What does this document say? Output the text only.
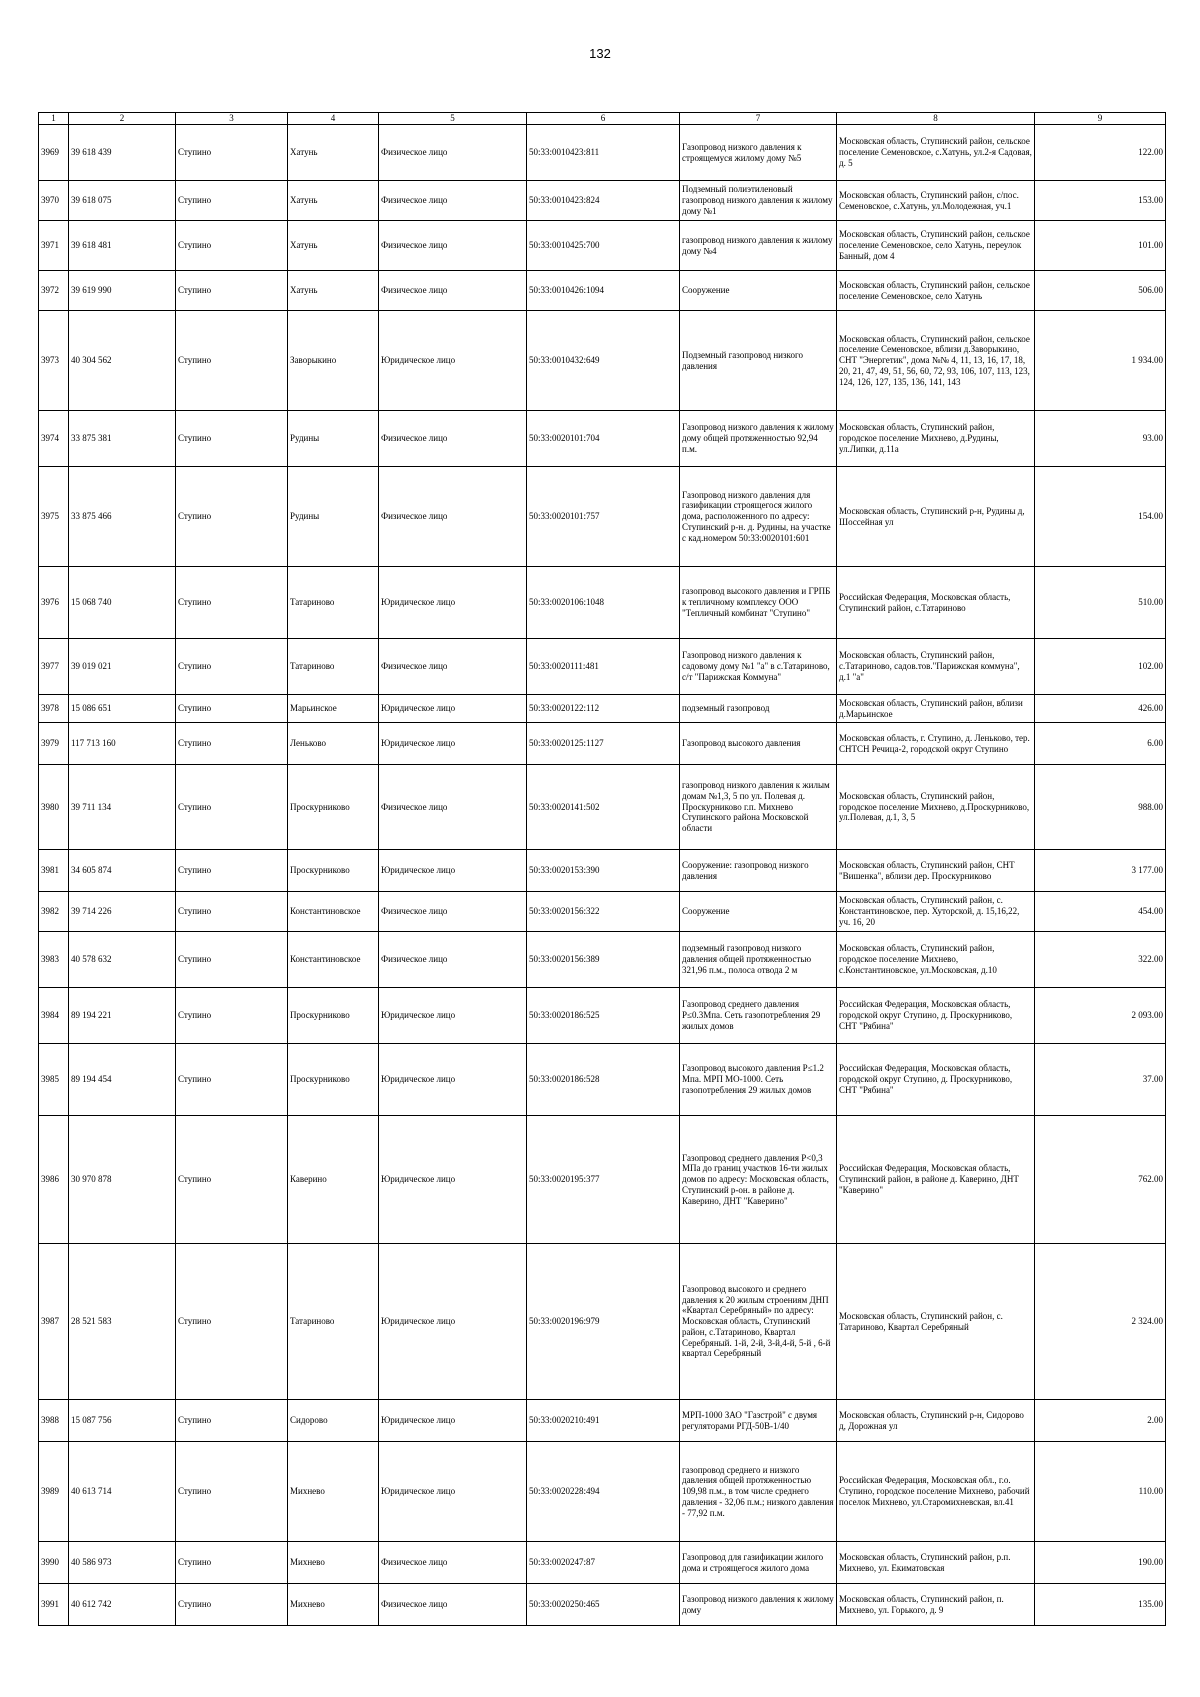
132
1	2	3	4	5	6	7	8	9
3969	39 618 439	Ступино	Хатунь	Физическое лицо	50:33:0010423:811	Газопровод низкого давления к строящемуся жилому дому №5	Московская область, Ступинский район, сельское поселение Семеновское, с.Хатунь, ул.2-я Садовая, д. 5	122.00
3970	39 618 075	Ступино	Хатунь	Физическое лицо	50:33:0010423:824	Подземный полиэтиленовый газопровод низкого давления к жилому дому №1	Московская область, Ступинский район, с/пос. Семеновское, с.Хатунь, ул.Молодежная, уч.1	153.00
3971	39 618 481	Ступино	Хатунь	Физическое лицо	50:33:0010425:700	газопровод низкого давления к жилому дому №4	Московская область, Ступинский район, сельское поселение Семеновское, село Хатунь, переулок Банный, дом 4	101.00
3972	39 619 990	Ступино	Хатунь	Физическое лицо	50:33:0010426:1094	Сооружение	Московская область, Ступинский район, сельское поселение Семеновское, село Хатунь	506.00
3973	40 304 562	Ступино	Заворыкино	Юридическое лицо	50:33:0010432:649	Подземный газопровод низкого давления	Московская область, Ступинский район, сельское поселение Семеновское, вблизи д.Заворыкино, СНТ "Энергетик", дома №№ 4, 11, 13, 16, 17, 18, 20, 21, 47, 49, 51, 56, 60, 72, 93, 106, 107, 113, 123, 124, 126, 127, 135, 136, 141, 143	1 934.00
3974	33 875 381	Ступино	Рудины	Физическое лицо	50:33:0020101:704	Газопровод низкого давления к жилому дому общей протяженностью 92,94 п.м.	Московская область, Ступинский район, городское поселение Михнево, д.Рудины, ул.Липки, д.11а	93.00
3975	33 875 466	Ступино	Рудины	Физическое лицо	50:33:0020101:757	Газопровод низкого давления для газификации строящегося жилого дома, расположенного по адресу: Ступинский р-н. д. Рудины, на участке с кад.номером 50:33:0020101:601	Московская область, Ступинский р-н, Рудины д, Шоссейная ул	154.00
3976	15 068 740	Ступино	Татариново	Юридическое лицо	50:33:0020106:1048	газопровод высокого давления и ГРПБ к тепличному комплексу ООО "Тепличный комбинат "Ступино"	Российская Федерация, Московская область, Ступинский район, с.Татариново	510.00
3977	39 019 021	Ступино	Татариново	Физическое лицо	50:33:0020111:481	Газопровод низкого давления к садовому дому №1 "а" в с.Татариново, с/т "Парижская Коммуна"	Московская область, Ступинский район, с.Татариново, садов.тов."Парижская коммуна", д.1 "а"	102.00
3978	15 086 651	Ступино	Марьинское	Юридическое лицо	50:33:0020122:112	подземный газопровод	Московская область, Ступинский район, вблизи д.Марьинское	426.00
3979	117 713 160	Ступино	Леньково	Юридическое лицо	50:33:0020125:1127	Газопровод высокого давления	Московская область, г. Ступино, д. Леньково, тер. СНТСН Речица-2, городской округ Ступино	6.00
3980	39 711 134	Ступино	Проскурниково	Физическое лицо	50:33:0020141:502	газопровод низкого давления к жилым домам №1,3, 5 по ул. Полевая д. Проскурниково г.п. Михнево Ступинского района Московской области	Московская область, Ступинский район, городское поселение Михнево, д.Проскурниково, ул.Полевая, д.1, 3, 5	988.00
3981	34 605 874	Ступино	Проскурниково	Юридическое лицо	50:33:0020153:390	Сооружение: газопровод низкого давления	Московская область, Ступинский район, СНТ "Вишенка", вблизи дер. Проскурниково	3 177.00
3982	39 714 226	Ступино	Константиновское	Физическое лицо	50:33:0020156:322	Сооружение	Московская область, Ступинский район, с. Константиновское, пер. Хуторской, д. 15,16,22, уч. 16, 20	454.00
3983	40 578 632	Ступино	Константиновское	Физическое лицо	50:33:0020156:389	подземный газопровод низкого давления общей протяженностью 321,96 п.м., полоса отвода 2 м	Московская область, Ступинский район, городское поселение Михнево, с.Константиновское, ул.Московская, д.10	322.00
3984	89 194 221	Ступино	Проскурниково	Юридическое лицо	50:33:0020186:525	Газопровод среднего давления Р≤0.3Мпа. Сеть газопотребления 29 жилых домов	Российская Федерация, Московская область, городской округ Ступино, д. Проскурниково, СНТ "Рябина"	2 093.00
3985	89 194 454	Ступино	Проскурниково	Юридическое лицо	50:33:0020186:528	Газопровод высокого давления Р≤1.2 Мпа. МРП МО-1000. Сеть газопотребления 29 жилых домов	Российская Федерация, Московская область, городской округ Ступино, д. Проскурниково, СНТ "Рябина"	37.00
3986	30 970 878	Ступино	Каверино	Юридическое лицо	50:33:0020195:377	Газопровод среднего давления Р<0,3 МПа до границ участков 16-ти жилых домов по адресу: Московская область, Ступинский р-он. в районе д. Каверино, ДНТ "Каверино"	Российская Федерация, Московская область, Ступинский район, в районе д. Каверино, ДНТ "Каверино"	762.00
3987	28 521 583	Ступино	Татариново	Юридическое лицо	50:33:0020196:979	Газопровод высокого и среднего давления к 20 жилым строениям ДНП «Квартал Серебряный» по адресу: Московская область, Ступинский район, с.Татариново, Квартал Серебряный. 1-й, 2-й, 3-й,4-й, 5-й , 6-й квартал Серебряный	Московская область, Ступинский район, с. Татариново, Квартал Серебряный	2 324.00
3988	15 087 756	Ступино	Сидорово	Юридическое лицо	50:33:0020210:491	МРП-1000 ЗАО "Газстрой" с двумя регуляторами РГД-50В-1/40	Московская область, Ступинский р-н, Сидорово д, Дорожная ул	2.00
3989	40 613 714	Ступино	Михнево	Юридическое лицо	50:33:0020228:494	газопровод среднего и низкого давления общей протяженностью 109,98 п.м., в том числе среднего давления - 32,06 п.м.; низкого давления - 77,92 п.м.	Российская Федерация, Московская обл., г.о. Ступино, городское поселение Михнево, рабочий поселок Михнево, ул.Старомихневская, вл.41	110.00
3990	40 586 973	Ступино	Михнево	Физическое лицо	50:33:0020247:87	Газопровод для газификации жилого дома и строящегося жилого дома	Московская область, Ступинский район, р.п. Михнево, ул. Екиматовская	190.00
3991	40 612 742	Ступино	Михнево	Физическое лицо	50:33:0020250:465	Газопровод низкого давления к жилому дому	Московская область, Ступинский район, п. Михнево, ул. Горького, д. 9	135.00
